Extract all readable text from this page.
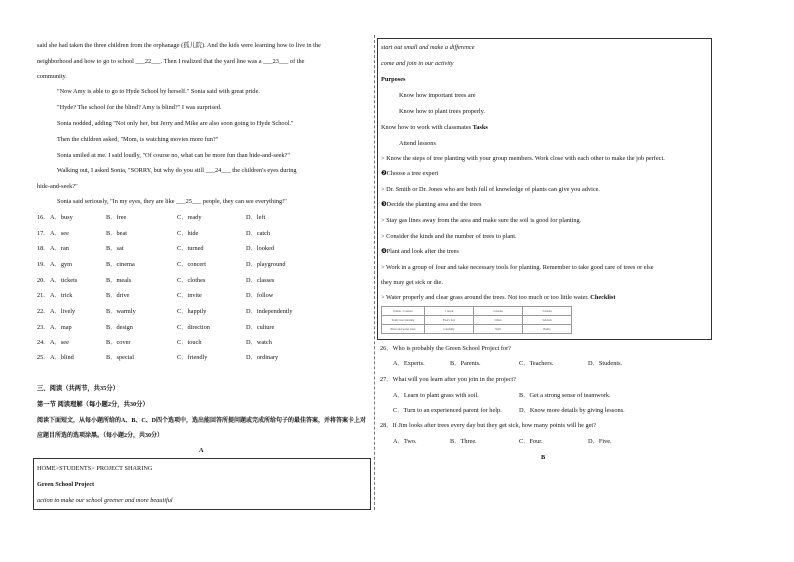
said she had taken the three children from the orphanage (孤儿院). And the kids were learning how to live in the
neighborhood and how to go to school ___22___. Then I realized that the yard line was a ___23___ of the
community.
"Now Amy is able to go to Hyde School by herself." Sonia said with great pride.
"Hyde? The school for the blind? Amy is blind?" I was surprised.
Sonia nodded, adding "Not only her, but Jerry and Mike are also soon going to Hyde School."
Then the children asked, "Mom, is watching movies more fun?"
Sonia smiled at me. I said loudly, "Of course no, what can be more fun than hide-and-seek?"
Walking out, I asked Sonia, "SORRY, but why do you still ___24___ the children's eyes during
hide-and-seek?"
Sonia said seriously, "In my eyes, they are like ___25___ people, they can see everything!"
16. A．busy	B．free	C．ready	D．left
17. A．see	B．beat	C．hide	D．catch
18. A．ran	B．sat	C．turned	D．looked
19. A．gym	B．cinema	C．concert	D．playground
20. A．tickets	B．meals	C．clothes	D．classes
21. A．trick	B．drive	C．invite	D．follow
22. A．lively	B．warmly	C．happily	D．independently
23. A．map	B．design	C．direction	D．culture
24. A．see	B．cover	C．touch	D．watch
25. A．blind	B．special	C．friendly	D．ordinary
三、阅读（共两节，共35分）
第一节 阅读理解（每小题2分，共30分）
阅读下面短文，从每小题所给的A、B、C、D四个选项中，选出能回答所提问题或完成所给句子的最佳答案，并将答案卡上对
应题目所选的选项涂黑。（每小题2分，共30分）
A
HOME>STUDENTS> PROJECT SHARING
Green School Project
action to make our school greener and more beautiful
start out small and make a difference
come and join in our activity
Purposes
Know how important trees are
Know how to plant trees properly.
Know how to work with classmates Tasks
Attend lessons
> Know the steps of tree planting with your group members. Work close with each other to make the job perfect.
❷Choose a tree expert
> Dr. Smith or Dr. Jones who are both full of knowledge of plants can give you advice.
❸Decide the planting area and the trees
> Stay gas lines away from the area and make sure the soil is good for planting.
> Consider the kinds and the number of trees to plant.
❹Plant and look after the trees
> Work in a group of four and take necessary tools for planting. Remember to take good care of trees or else
they may get sick or die.
> Water properly and clear grass around the trees. Not too much or too little water. Checklist
Points / Content	1 mark	2 marks	3 marks
Study tree planting	Every day	Often	Seldom
Plant and water trees	Carefully	Well	Badly
26．Who is probably the Green School Project for?
A．Experts.	B．Parents.	C．Teachers.	D．Students.
27．What will you learn after you join in the project?
A．Learn to plant grass with soil.	B．Get a strong sense of teamwork.
C．Turn to an experienced parent for help.	D．Know more details by giving lessons.
28．If Jim looks after trees every day but they get sick, how many points will he get?
A．Two.	B．Three.	C．Four.	D．Five.
B
